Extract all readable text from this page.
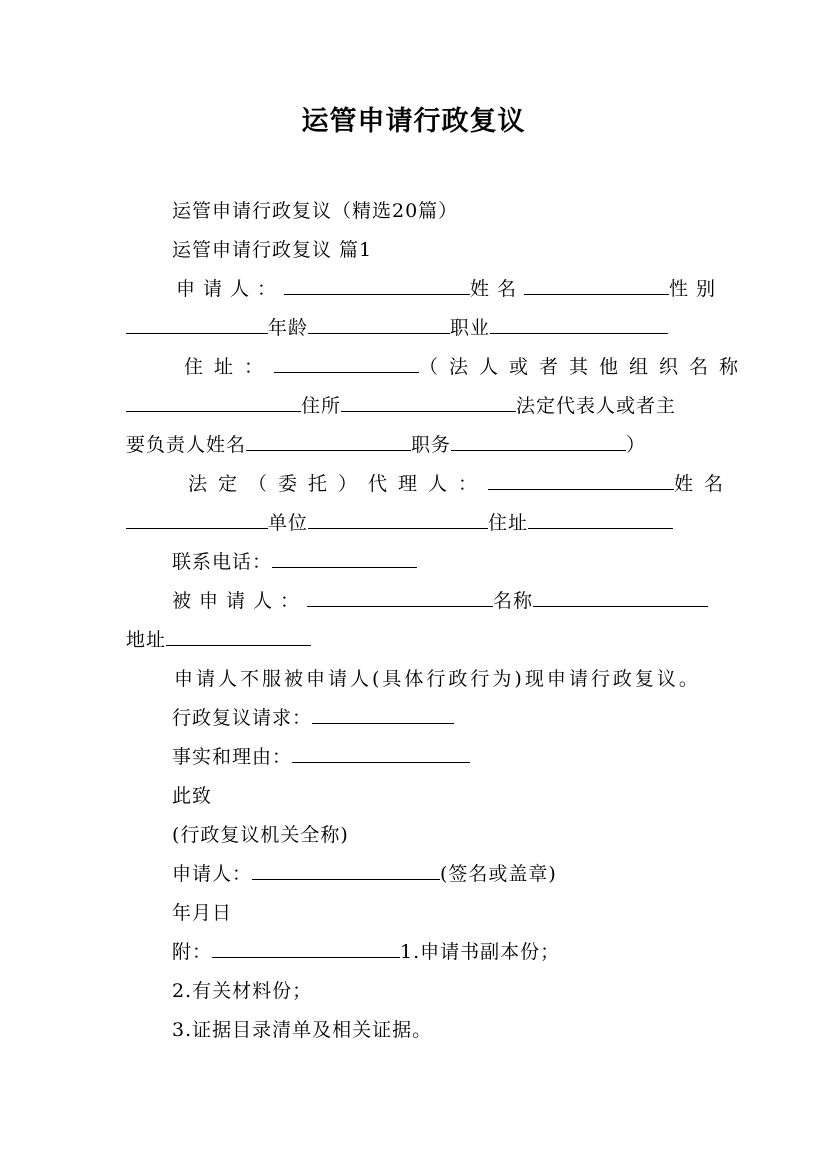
运管申请行政复议
运管申请行政复议（精选20篇）
运管申请行政复议 篇1
申请人：	姓名	性别
年龄	职业
住址：	（法人或者其他组织名称
住所	法定代表人或者主
要负责人姓名	职务	）
法定（委托）代理人：	姓名
单位	住址
联系电话：
被申请人：	名称
地址
申请人不服被申请人(具体行政行为)现申请行政复议。
行政复议请求：
事实和理由：
此致
(行政复议机关全称)
申请人：	(签名或盖章)
年月日
附：	1.申请书副本份；
2.有关材料份；
3.证据目录清单及相关证据。
